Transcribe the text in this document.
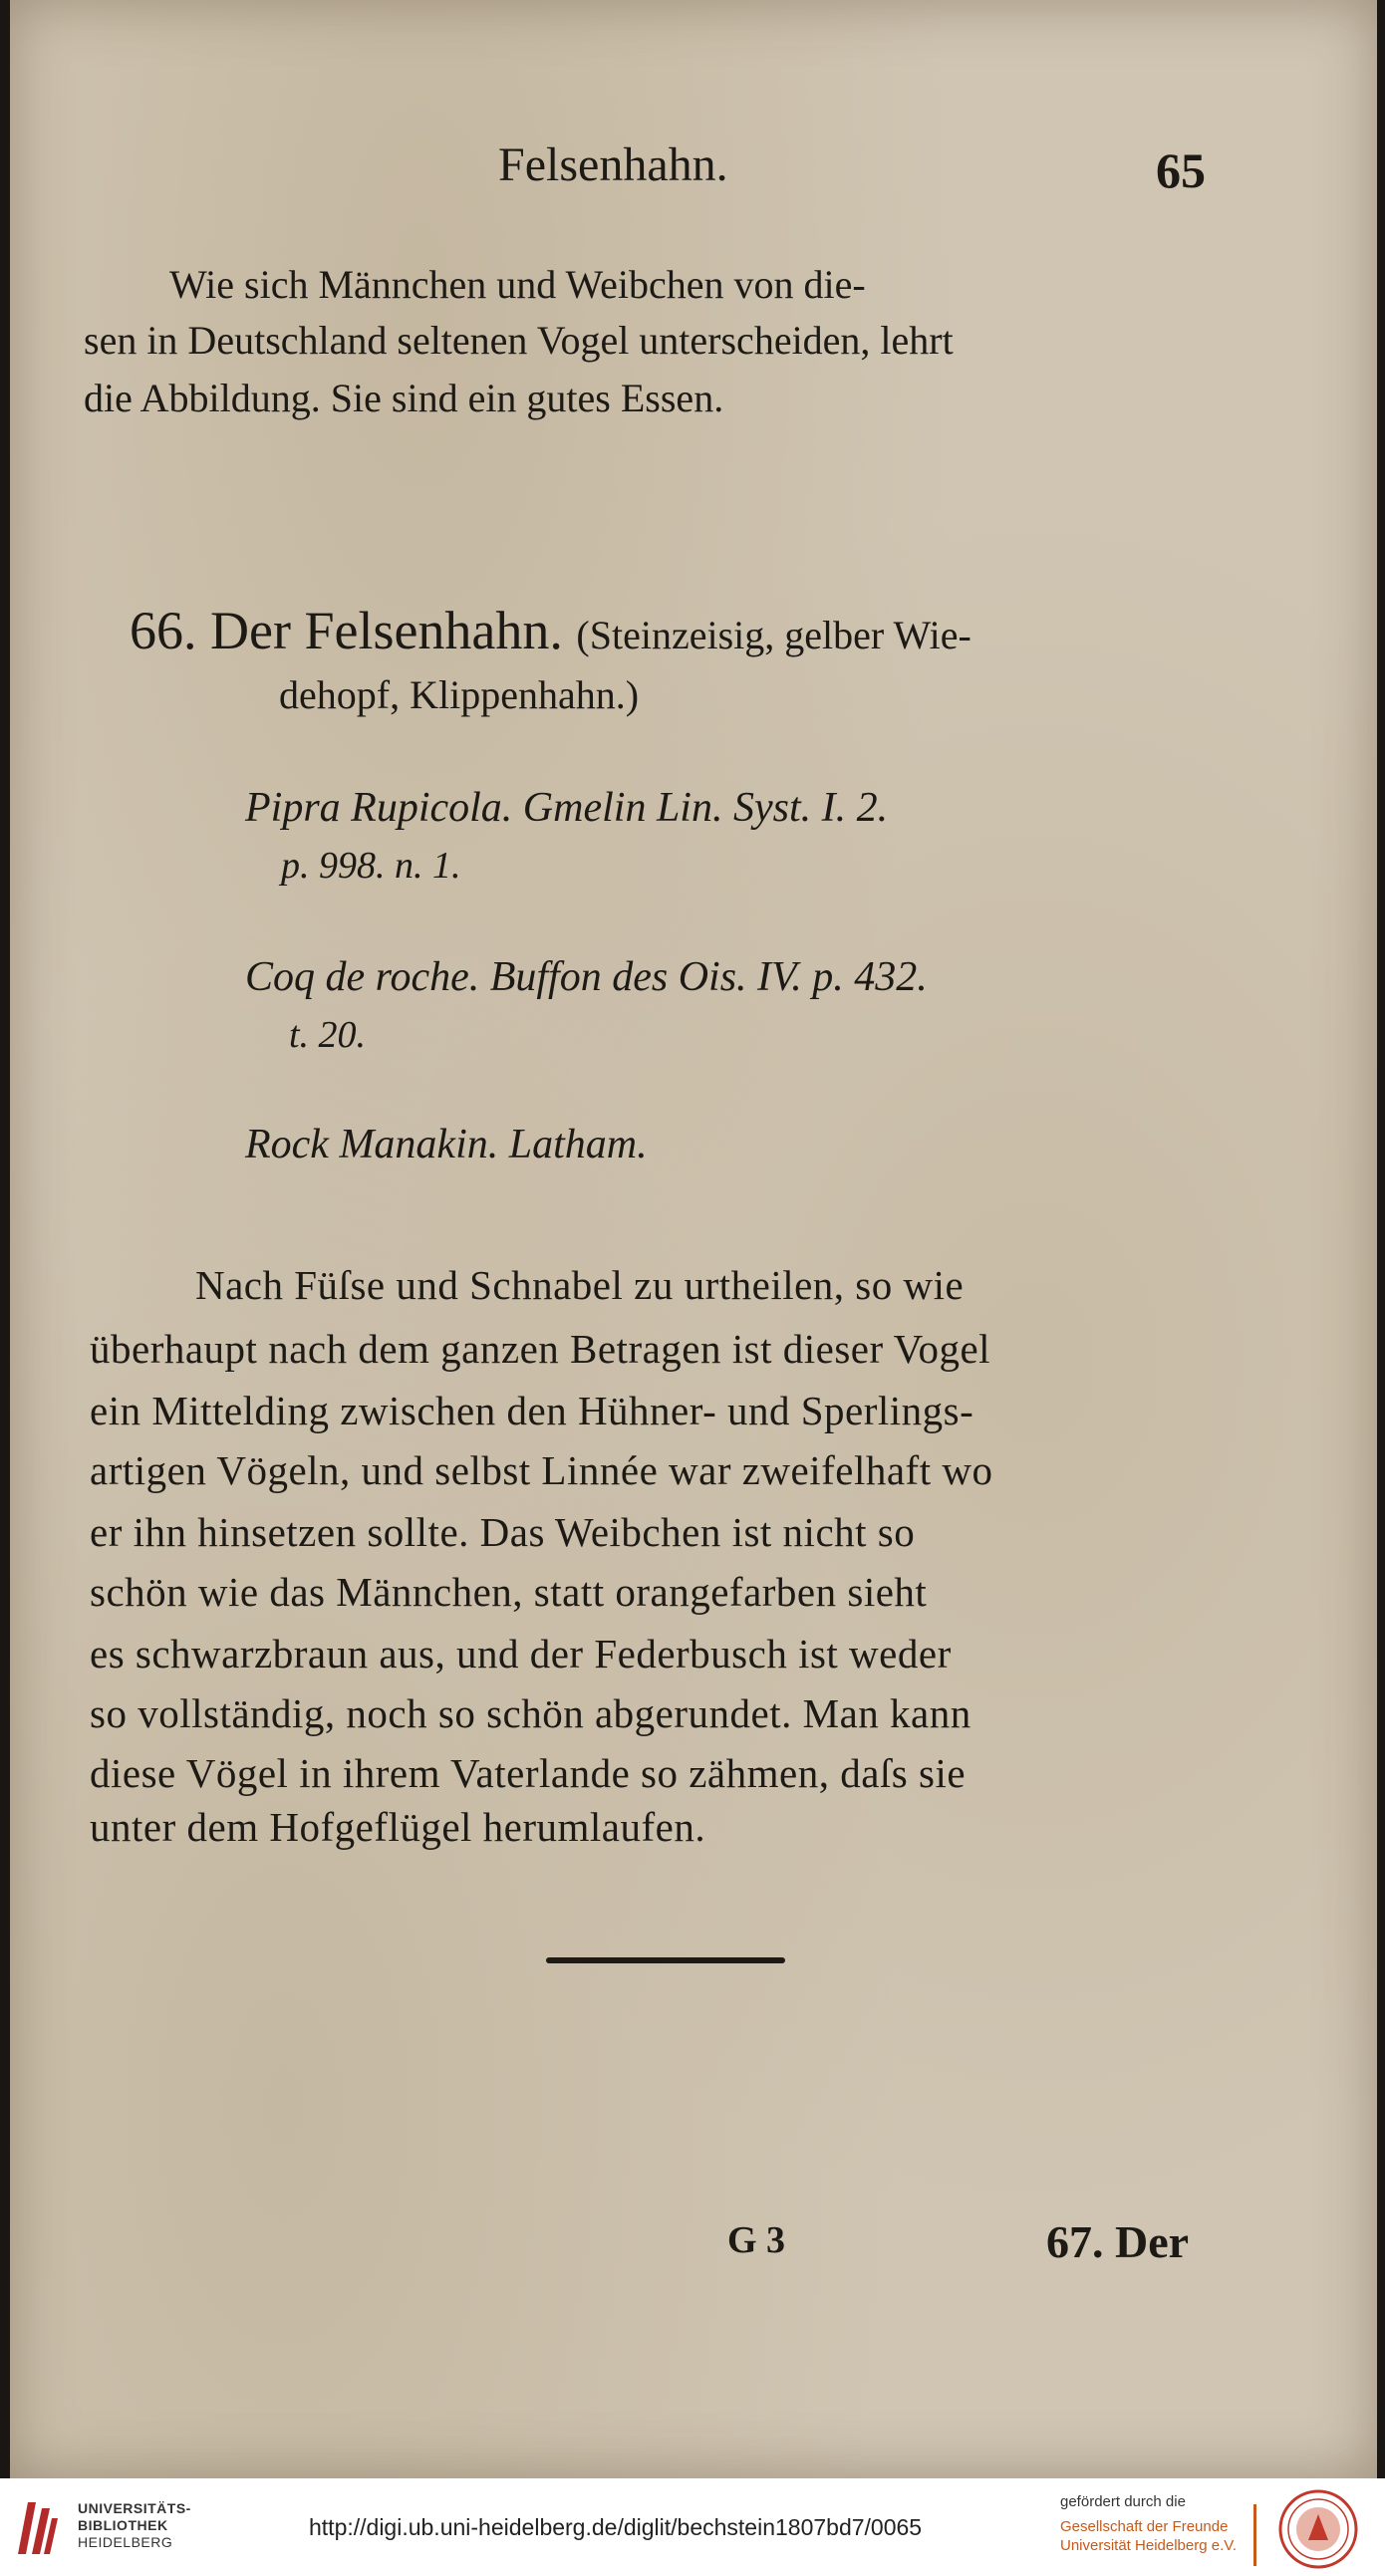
Felsenhahn.	65
Wie sich Männchen und Weibchen von die-
sen in Deutschland seltenen Vogel unterscheiden, lehrt
die Abbildung. Sie sind ein gutes Essen.
66. Der Felsenhahn. (Steinzeisig, gelber Wie-
dehopf, Klippenhahn.)
Pipra Rupicola. Gmelin Lin. Syst. I. 2.
p. 998. n. 1.
Coq de roche. Buffon des Ois. IV. p. 432.
t. 20.
Rock Manakin. Latham.
Nach Füſse und Schnabel zu urtheilen, so wie
überhaupt nach dem ganzen Betragen ist dieser Vogel
ein Mittelding zwischen den Hühner- und Sperlings-
artigen Vögeln, und selbst Linnée war zweifelhaft wo
er ihn hinsetzen sollte. Das Weibchen ist nicht so
schön wie das Männchen, statt orangefarben sieht
es schwarzbraun aus, und der Federbusch ist weder
so vollständig, noch so schön abgerundet. Man kann
diese Vögel in ihrem Vaterlande so zähmen, daſs sie
unter dem Hofgeflügel herumlaufen.
G 3	67. Der
UNIVERSITÄTS-
BIBLIOTHEK
HEIDELBERG
http://digi.ub.uni-heidelberg.de/diglit/bechstein1807bd7/0065
gefördert durch die
Gesellschaft der Freunde
Universität Heidelberg e.V.
